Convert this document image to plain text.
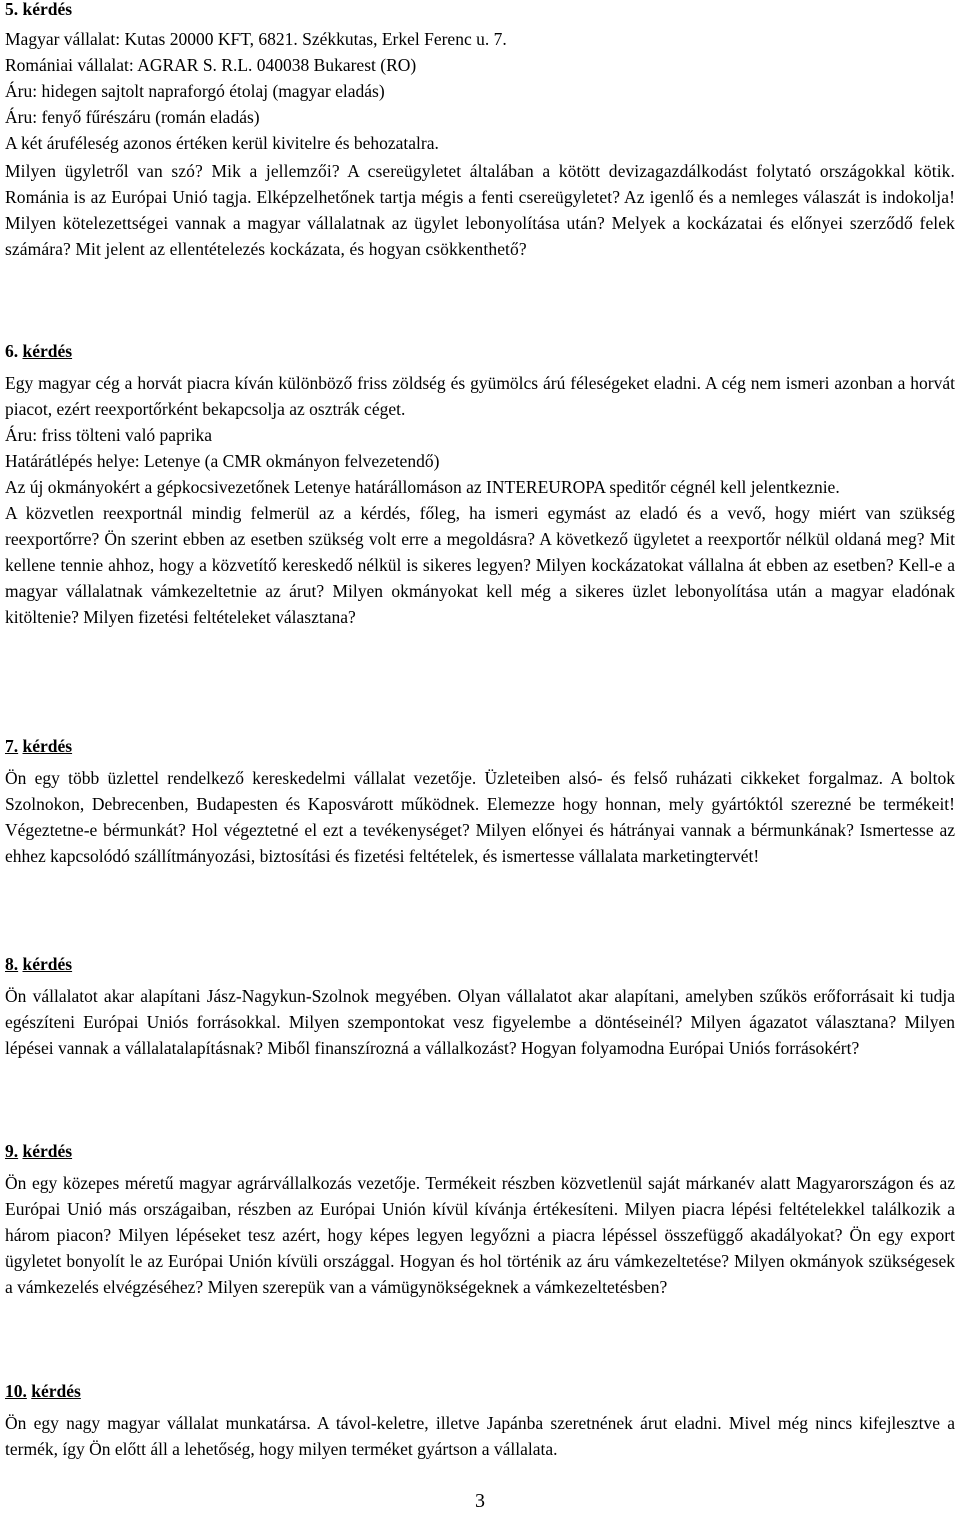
5. kérdés

Magyar vállalat: Kutas 20000 KFT, 6821. Székkutas, Erkel Ferenc u. 7.

Romániai vállalat: AGRAR S. R.L. 040038 Bukarest (RO)

Áru: hidegen sajtolt napraforgó étolaj (magyar eladás)

Áru: fenyő fűrészáru (román eladás)

A két áruféleség azonos értéken kerül kivitelre és behozatalra.

Milyen ügyletről van szó? Mik a jellemzői? A csereügyletet általában a kötött devizagazdálkodást folytató országokkal kötik. Románia is az Európai Unió tagja. Elképzelhetőnek tartja mégis a fenti csereügyletet? Az igenlő és a nemleges válaszát is indokolja! Milyen kötelezettségei vannak a magyar vállalatnak az ügylet lebonyolítása után? Melyek a kockázatai és előnyei szerződő felek számára? Mit jelent az ellentételezés kockázata, és hogyan csökkenthető?

6. kérdés

Egy magyar cég a horvát piacra kíván különböző friss zöldség és gyümölcs árú féleségeket eladni. A cég nem ismeri azonban a horvát piacot, ezért reexportőrként bekapcsolja az osztrák céget.

Áru: friss tölteni való paprika

Határátlépés helye: Letenye (a CMR okmányon felvezetendő)

Az új okmányokért a gépkocsivezetőnek Letenye határállomáson az INTEREUROPA speditőr cégnél kell jelentkeznie.

A közvetlen reexportnál mindig felmerül az a kérdés, főleg, ha ismeri egymást az eladó és a vevő, hogy miért van szükség reexportőrre? Ön szerint ebben az esetben szükség volt erre a megoldásra? A következő ügyletet a reexportőr nélkül oldaná meg? Mit kellene tennie ahhoz, hogy a közvetítő kereskedő nélkül is sikeres legyen? Milyen kockázatokat vállalna át ebben az esetben? Kell-e a magyar vállalatnak vámkezeltetnie az árut? Milyen okmányokat kell még a sikeres üzlet lebonyolítása után a magyar eladónak kitöltenie? Milyen fizetési feltételeket választana?

7. kérdés

Ön egy több üzlettel rendelkező kereskedelmi vállalat vezetője. Üzleteiben alsó- és felső ruházati cikkeket forgalmaz. A boltok Szolnokon, Debrecenben, Budapesten és Kaposvárott működnek. Elemezze hogy honnan, mely gyártóktól szerezné be termékeit! Végeztetne-e bérmunkát? Hol végeztetné el ezt a tevékenységet? Milyen előnyei és hátrányai vannak a bérmunkának? Ismertesse az ehhez kapcsolódó szállítmányozási, biztosítási és fizetési feltételek, és ismertesse vállalata marketingtervét!

8. kérdés

Ön vállalatot akar alapítani Jász-Nagykun-Szolnok megyében. Olyan vállalatot akar alapítani, amelyben szűkös erőforrásait ki tudja egészíteni Európai Uniós forrásokkal. Milyen szempontokat vesz figyelembe a döntéseinél? Milyen ágazatot választana? Milyen lépései vannak a vállalatalapításnak? Miből finanszírozná a vállalkozást? Hogyan folyamodna Európai Uniós forrásokért?

9. kérdés

Ön egy közepes méretű magyar agrárvállalkozás vezetője. Termékeit részben közvetlenül saját márkanév alatt Magyarországon és az Európai Unió más országaiban, részben az Európai Unión kívül kívánja értékesíteni. Milyen piacra lépési feltételekkel találkozik a három piacon? Milyen lépéseket tesz azért, hogy képes legyen legyőzni a piacra lépéssel összefüggő akadályokat? Ön egy export ügyletet bonyolít le az Európai Unión kívüli országgal. Hogyan és hol történik az áru vámkezeltetése? Milyen okmányok szükségesek a vámkezelés elvégzéséhez? Milyen szerepük van a vámügynökségeknek a vámkezeltetésben?

10. kérdés

Ön egy nagy magyar vállalat munkatársa. A távol-keletre, illetve Japánba szeretnének árut eladni. Mivel még nincs kifejlesztve a termék, így Ön előtt áll a lehetőség, hogy milyen terméket gyártson a vállalata.

3
